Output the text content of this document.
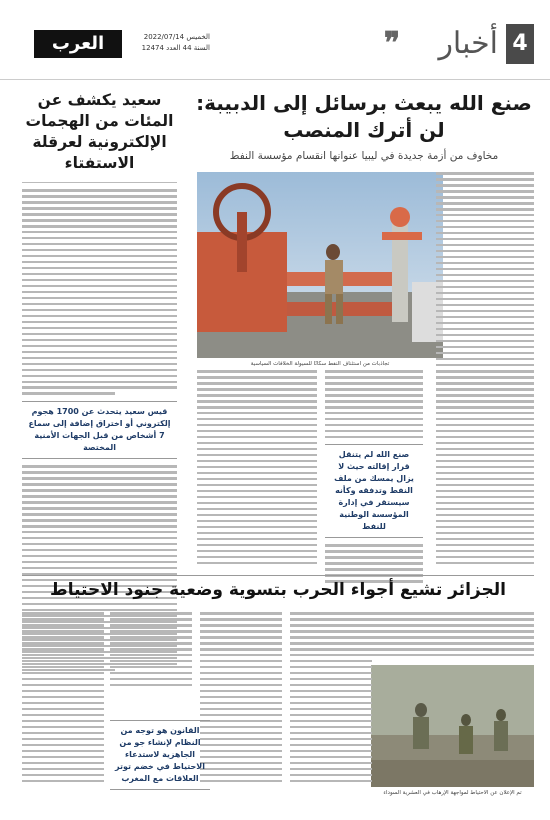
4
أخبار
❞
العرب	الخميس 2022/07/14
السنة 44 العدد 12474
صنع الله يبعث برسائل إلى الدبيبة: لن أترك المنصب
مخاوف من أزمة جديدة في ليبيا عنوانها انقسام مؤسسة النفط
سعيد يكشف عن المئات من الهجمات الإلكترونية لعرقلة الاستفتاء
قيس سعيد يتحدث عن 1700 هجوم إلكتروني أو اختراق إضافة إلى سماع 7 أشخاص من قبل الجهات الأمنية المختصة
تجاذبات من استئناف النفط سكانًا للسيولة الخلافات السياسية
صنع الله لم يتنقل قرار إقالته حيث لا يزال يمسك من ملف النفط وتدفقه وكأنه سيستقر في إدارة المؤسسة الوطنية للنفط
الجزائر تشيع أجواء الحرب بتسوية وضعية جنود الاحتياط
تم الإعلان عن الاحتياط لمواجهة الإرهاب في العشرية السوداء
القانون هو توجه من النظام لإنشاء جو من الجاهزية لاستدعاء الاحتياط في خضم توتر العلاقات مع المغرب
